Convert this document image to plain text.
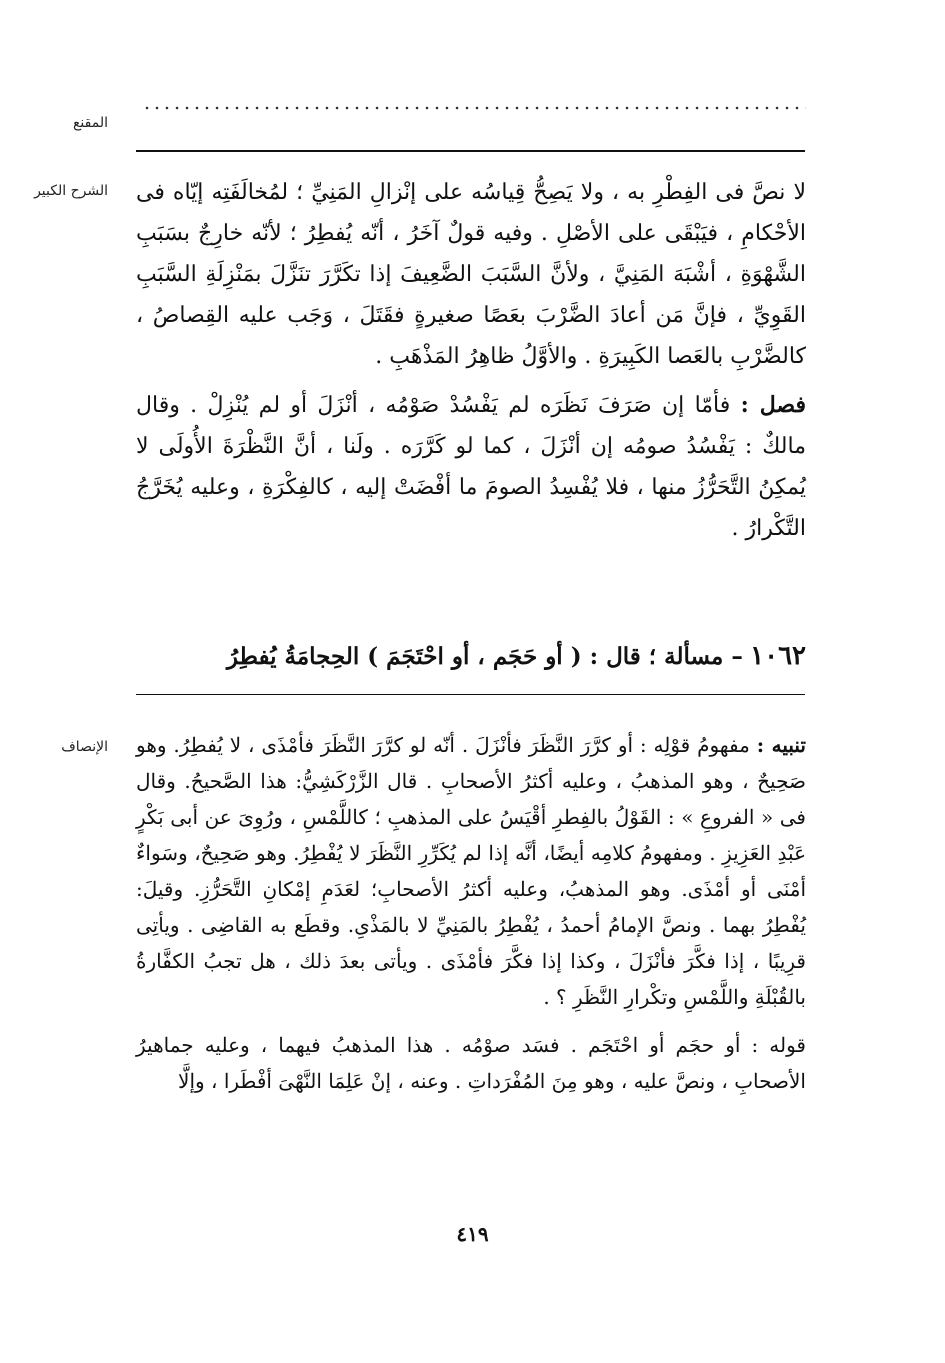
المقنع
الشرح الكبير لا نصَّ فى الفِطْرِ به ، ولا يَصِحُّ قِياسُه على إنْزالِ المَنِيِّ ؛ لمُخالَفَتِه إيّاه فى الأحْكامِ ، فيَبْقَى على الأصْلِ . وفيه قولٌ آخَرُ ، أنّه يُفطِرُ ؛ لأنّه خارِجٌ بسَبَبِ الشَّهْوَةِ ، أشْبَهَ المَنِيَّ ، ولأنَّ السَّبَبَ الضَّعِيفَ إذا تكَرَّرَ تنَزَّلَ بمَنْزِلَةِ السَّبَبِ القَوِيِّ ، فإنَّ مَن أعادَ الضَّرْبَ بعَصًا صغيرةٍ فقَتَلَ ، وَجَب عليه القِصاصُ ، كالضَّرْبِ بالعَصا الكَبِيرَةِ . والأوَّلُ ظاهِرُ المَذْهَبِ .

فصل : فأمّا إن صَرَفَ نَظَرَه لم يَفْسُدْ صَوْمُه ، أنْزَلَ أو لم يُنْزِلْ . وقال مالكٌ : يَفْسُدُ صومُه إن أنْزَلَ ، كما لو كَرَّرَه . ولَنا ، أنَّ النَّظْرَةَ الأُولَى لا يُمكِنُ التَّحَرُّزُ منها ، فلا يُفْسِدُ الصومَ ما أفْضَتْ إليه ، كالفِكْرَةِ ، وعليه يُخَرَّجُ التَّكْرارُ .

١٠٦٢ – مسألة ؛ قال : ( أو حَجَم ، أو احْتَجَمَ ) الحِجامَةُ يُفطِرُ
الإنصاف	تنبيه : مفهومُ قوْلِه : أو كرَّرَ النَّظَرَ فأنْزَلَ . أنّه لو كرَّرَ النَّظَرَ فأمْذَى ، لا يُفطِرُ. وهو صَحِيحٌ ، وهو المذهبُ ، وعليه أكثرُ الأصحابِ . قال الزَّرْكَشِيُّ: هذا الصَّحيحُ. وقال فى « الفروعِ » : القَوْلُ بالفِطرِ أقْيَسُ على المذهبِ ؛ كاللَّمْسِ ، ورُوِىَ عن أبى بَكْرٍ عَبْدِ العَزِيزِ . ومفهومُ كلامِه أيضًا، أنَّه إذا لم يُكَرِّرِ النَّظَرَ لا يُفْطِرُ. وهو صَحِيحٌ، وسَواءٌ أمْنَى أو أمْذَى. وهو المذهبُ، وعليه أكثرُ الأصحابِ؛ لعَدَمِ إمْكانِ التَّحَرُّزِ. وقيلَ: يُفْطِرُ بهما . ونصَّ الإمامُ أحمدُ ، يُفْطِرُ بالمَنِيِّ لا بالمَذْىِ. وقطَع به القاضِى . ويأتِى قرِيبًا ، إذا فكَّرَ فأنْزَلَ ، وكذا إذا فكَّرَ فأمْذَى . ويأتى بعدَ ذلك ، هل تجبُ الكفَّارةُ بالقُبْلَةِ واللَّمْسِ وتكْرارِ النَّظَرِ ؟ .

قوله : أو حجَم أو احْتَجَم . فسَد صوْمُه . هذا المذهبُ فيهما ، وعليه جماهيرُ الأصحابِ ، ونصَّ عليه ، وهو مِنَ المُفْرَداتِ . وعنه ، إنْ عَلِمَا النَّهْىَ أفْطَرا ، وإلَّا

٤١٩
